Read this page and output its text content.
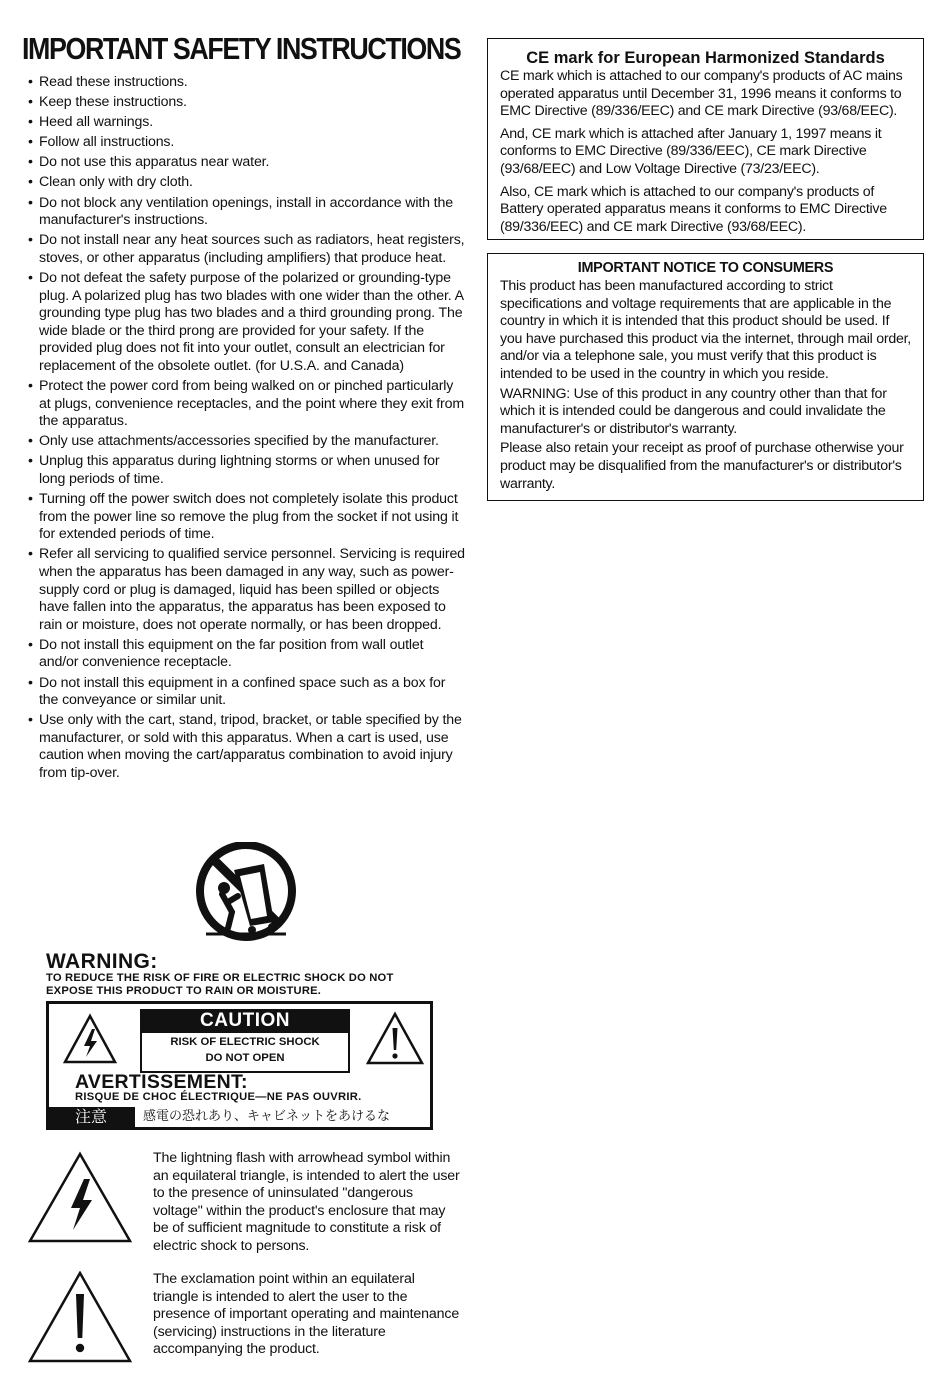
IMPORTANT SAFETY INSTRUCTIONS
• Read these instructions.
• Keep these instructions.
• Heed all warnings.
• Follow all instructions.
• Do not use this apparatus near water.
• Clean only with dry cloth.
• Do not block any ventilation openings, install in accordance with the manufacturer's instructions.
• Do not install near any heat sources such as radiators, heat registers, stoves, or other apparatus (including amplifiers) that produce heat.
• Do not defeat the safety purpose of the polarized or grounding-type plug. A polarized plug has two blades with one wider than the other. A grounding type plug has two blades and a third grounding prong. The wide blade or the third prong are provided for your safety. If the provided plug does not fit into your outlet, consult an electrician for replacement of the obsolete outlet. (for U.S.A. and Canada)
• Protect the power cord from being walked on or pinched particularly at plugs, convenience receptacles, and the point where they exit from the apparatus.
• Only use attachments/accessories specified by the manufacturer.
• Unplug this apparatus during lightning storms or when unused for long periods of time.
• Turning off the power switch does not completely isolate this product from the power line so remove the plug from the socket if not using it for extended periods of time.
• Refer all servicing to qualified service personnel. Servicing is required when the apparatus has been damaged in any way, such as power-supply cord or plug is damaged, liquid has been spilled or objects have fallen into the apparatus, the apparatus has been exposed to rain or moisture, does not operate normally, or has been dropped.
• Do not install this equipment on the far position from wall outlet and/or convenience receptacle.
• Do not install this equipment in a confined space such as a box for the conveyance or similar unit.
• Use only with the cart, stand, tripod, bracket, or table specified by the manufacturer, or sold with this apparatus. When a cart is used, use caution when moving the cart/apparatus combination to avoid injury from tip-over.
WARNING:
TO REDUCE THE RISK OF FIRE OR ELECTRIC SHOCK DO NOT
EXPOSE THIS PRODUCT TO RAIN OR MOISTURE.
CAUTION
RISK OF ELECTRIC SHOCK
DO NOT OPEN
AVERTISSEMENT:
RISQUE DE CHOC ÉLECTRIQUE—NE PAS OUVRIR.
注意	感電の恐れあり、キャビネットをあけるな

The lightning flash with arrowhead symbol within an equilateral triangle, is intended to alert the user to the presence of uninsulated "dangerous voltage" within the product's enclosure that may be of sufficient magnitude to constitute a risk of electric shock to persons.

The exclamation point within an equilateral triangle is intended to alert the user to the presence of important operating and maintenance (servicing) instructions in the literature accompanying the product.

CE mark for European Harmonized Standards

CE mark which is attached to our company's products of AC mains operated apparatus until December 31, 1996 means it conforms to EMC Directive (89/336/EEC) and CE mark Directive (93/68/EEC).

And, CE mark which is attached after January 1, 1997 means it conforms to EMC Directive (89/336/EEC), CE mark Directive (93/68/EEC) and Low Voltage Directive (73/23/EEC).

Also, CE mark which is attached to our company's products of Battery operated apparatus means it conforms to EMC Directive (89/336/EEC) and CE mark Directive (93/68/EEC).

IMPORTANT NOTICE TO CONSUMERS

This product has been manufactured according to strict specifications and voltage requirements that are applicable in the country in which it is intended that this product should be used. If you have purchased this product via the internet, through mail order, and/or via a telephone sale, you must verify that this product is intended to be used in the country in which you reside.

WARNING: Use of this product in any country other than that for which it is intended could be dangerous and could invalidate the manufacturer's or distributor's warranty.

Please also retain your receipt as proof of purchase otherwise your product may be disqualified from the manufacturer's or distributor's warranty.
